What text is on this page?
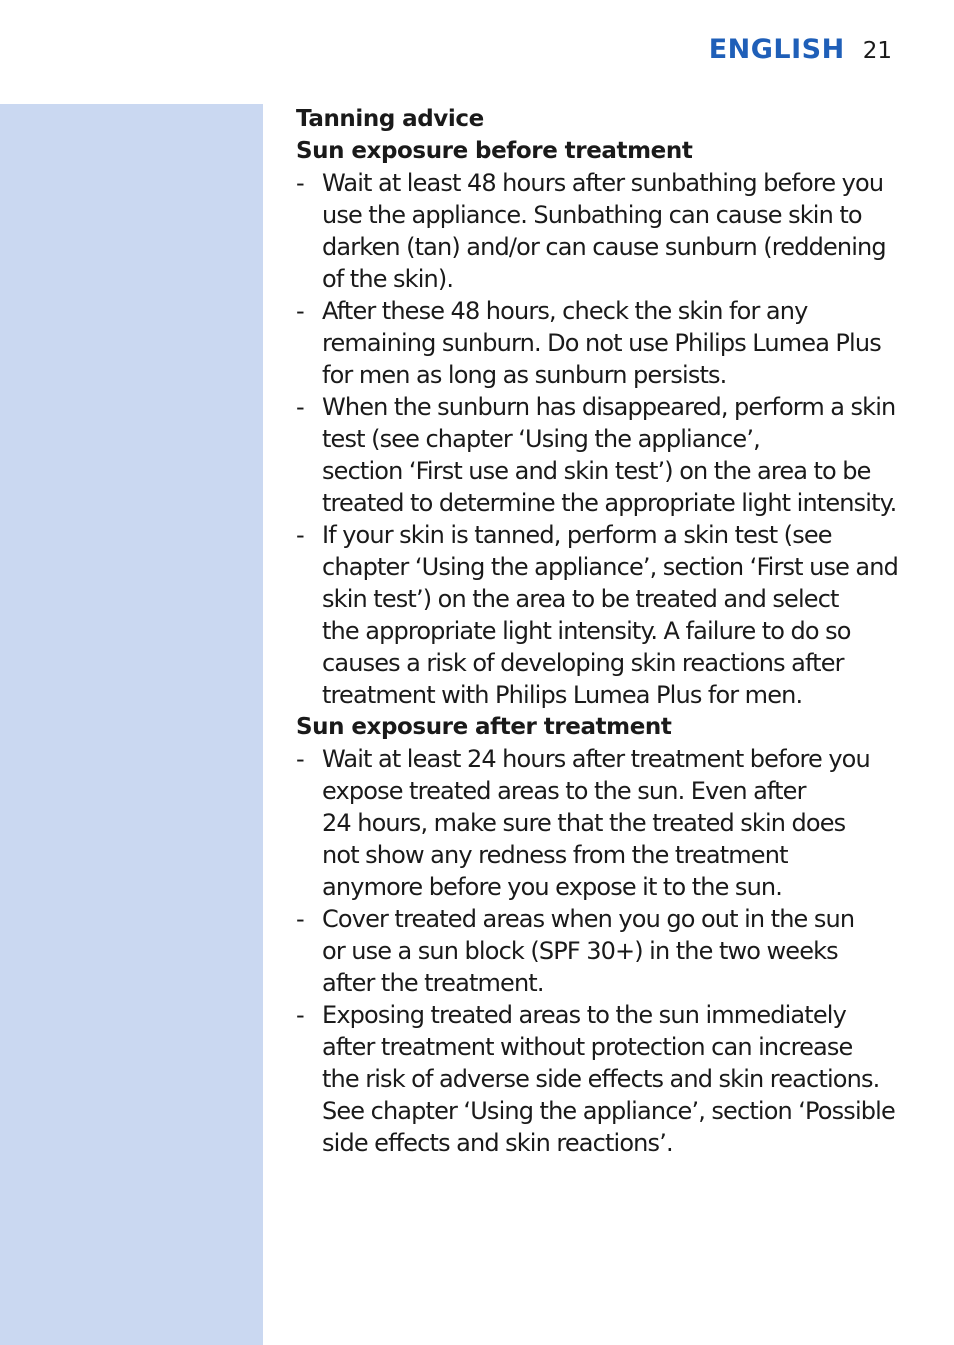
ENGLISH 21
Tanning advice
Sun exposure before treatment
- Wait at least 48 hours after sunbathing before you
use the appliance. Sunbathing can cause skin to
darken (tan) and/or can cause sunburn (reddening
of the skin).
- After these 48 hours, check the skin for any
remaining sunburn. Do not use Philips Lumea Plus
for men as long as sunburn persists.
- When the sunburn has disappeared, perform a skin
test (see chapter ‘Using the appliance’,
section ‘First use and skin test’) on the area to be
treated to determine the appropriate light intensity.
- If your skin is tanned, perform a skin test (see
chapter ‘Using the appliance’, section ‘First use and
skin test’) on the area to be treated and select
the appropriate light intensity. A failure to do so
causes a risk of developing skin reactions after
treatment with Philips Lumea Plus for men.
Sun exposure after treatment
- Wait at least 24 hours after treatment before you
expose treated areas to the sun. Even after
24 hours, make sure that the treated skin does
not show any redness from the treatment
anymore before you expose it to the sun.
- Cover treated areas when you go out in the sun
or use a sun block (SPF 30+) in the two weeks
after the treatment.
- Exposing treated areas to the sun immediately
after treatment without protection can increase
the risk of adverse side effects and skin reactions.
See chapter ‘Using the appliance’, section ‘Possible
side effects and skin reactions’.
